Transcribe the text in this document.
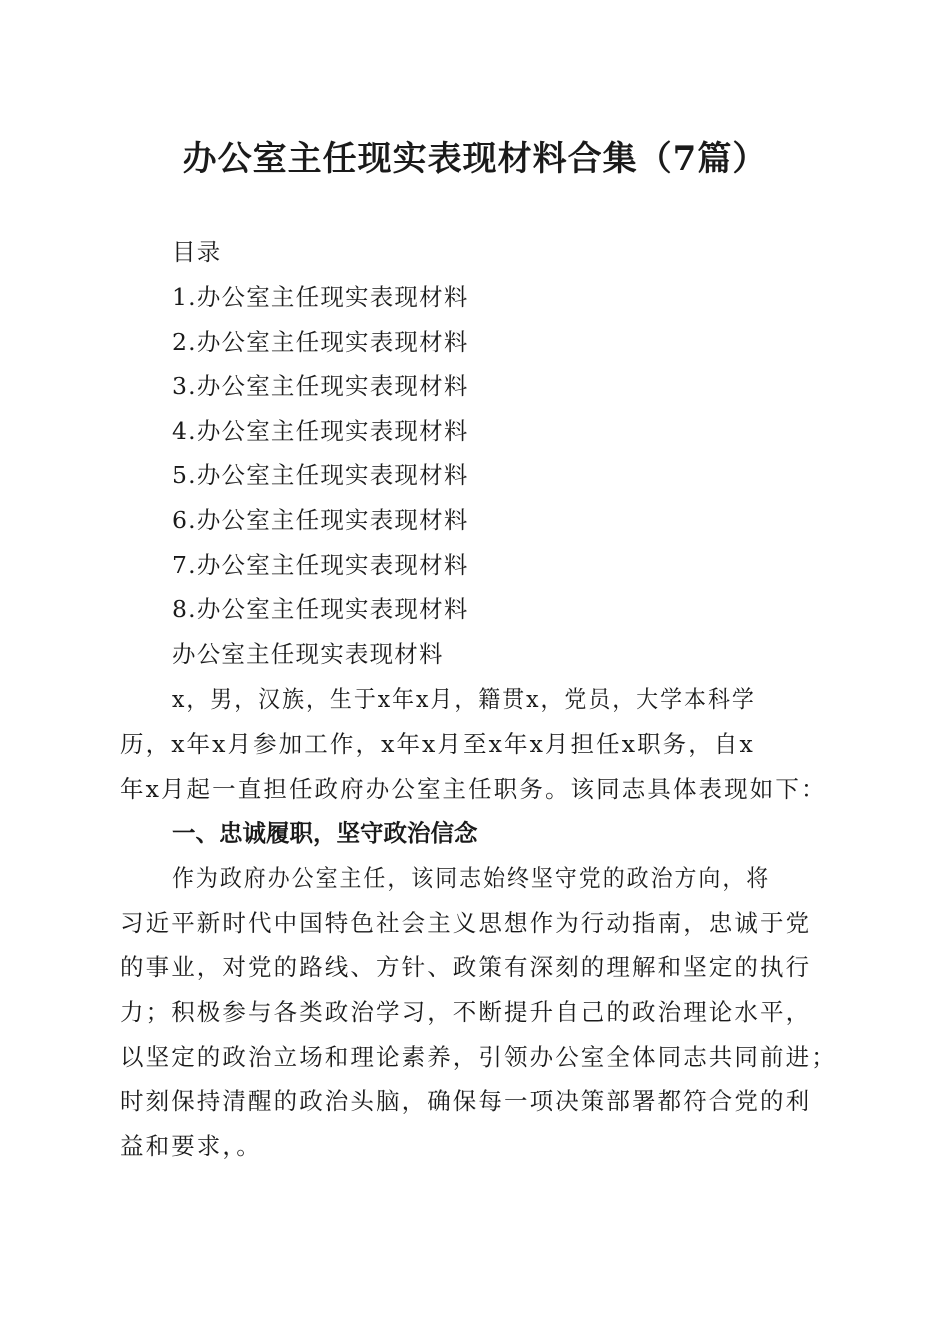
办公室主任现实表现材料合集（7篇）
目录
1.办公室主任现实表现材料
2.办公室主任现实表现材料
3.办公室主任现实表现材料
4.办公室主任现实表现材料
5.办公室主任现实表现材料
6.办公室主任现实表现材料
7.办公室主任现实表现材料
8.办公室主任现实表现材料
办公室主任现实表现材料
x，男，汉族，生于x年x月，籍贯x，党员，大学本科学
历，x年x月参加工作，x年x月至x年x月担任x职务，自x
年x月起一直担任政府办公室主任职务。该同志具体表现如下：
一、忠诚履职，坚守政治信念
作为政府办公室主任，该同志始终坚守党的政治方向，将
习近平新时代中国特色社会主义思想作为行动指南，忠诚于党
的事业，对党的路线、方针、政策有深刻的理解和坚定的执行
力；积极参与各类政治学习，不断提升自己的政治理论水平，
以坚定的政治立场和理论素养，引领办公室全体同志共同前进；
时刻保持清醒的政治头脑，确保每一项决策部署都符合党的利
益和要求，。
